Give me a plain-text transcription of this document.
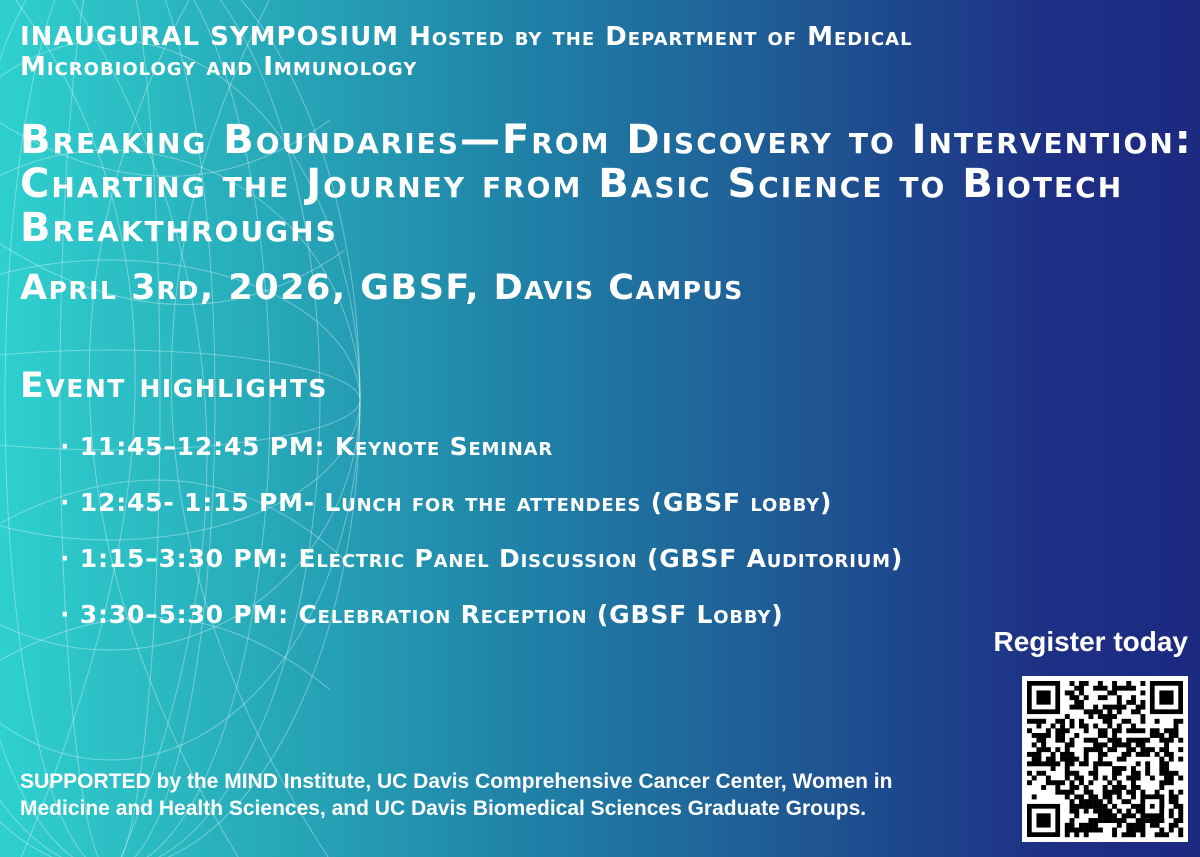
INAUGURAL SYMPOSIUM Hosted by the Department of Medical Microbiology and Immunology
Breaking Boundaries—From Discovery to Intervention: Charting the Journey from Basic Science to Biotech Breakthroughs
April 3rd, 2026, GBSF, Davis Campus
Event highlights
· 11:45–12:45 PM: Keynote Seminar
· 12:45- 1:15 PM- Lunch for the attendees (GBSF lobby)
· 1:15–3:30 PM: Electric Panel Discussion (GBSF Auditorium)
· 3:30–5:30 PM: Celebration Reception (GBSF Lobby)
Register today
SUPPORTED by the MIND Institute, UC Davis Comprehensive Cancer Center, Women in Medicine and Health Sciences, and UC Davis Biomedical Sciences Graduate Groups.
